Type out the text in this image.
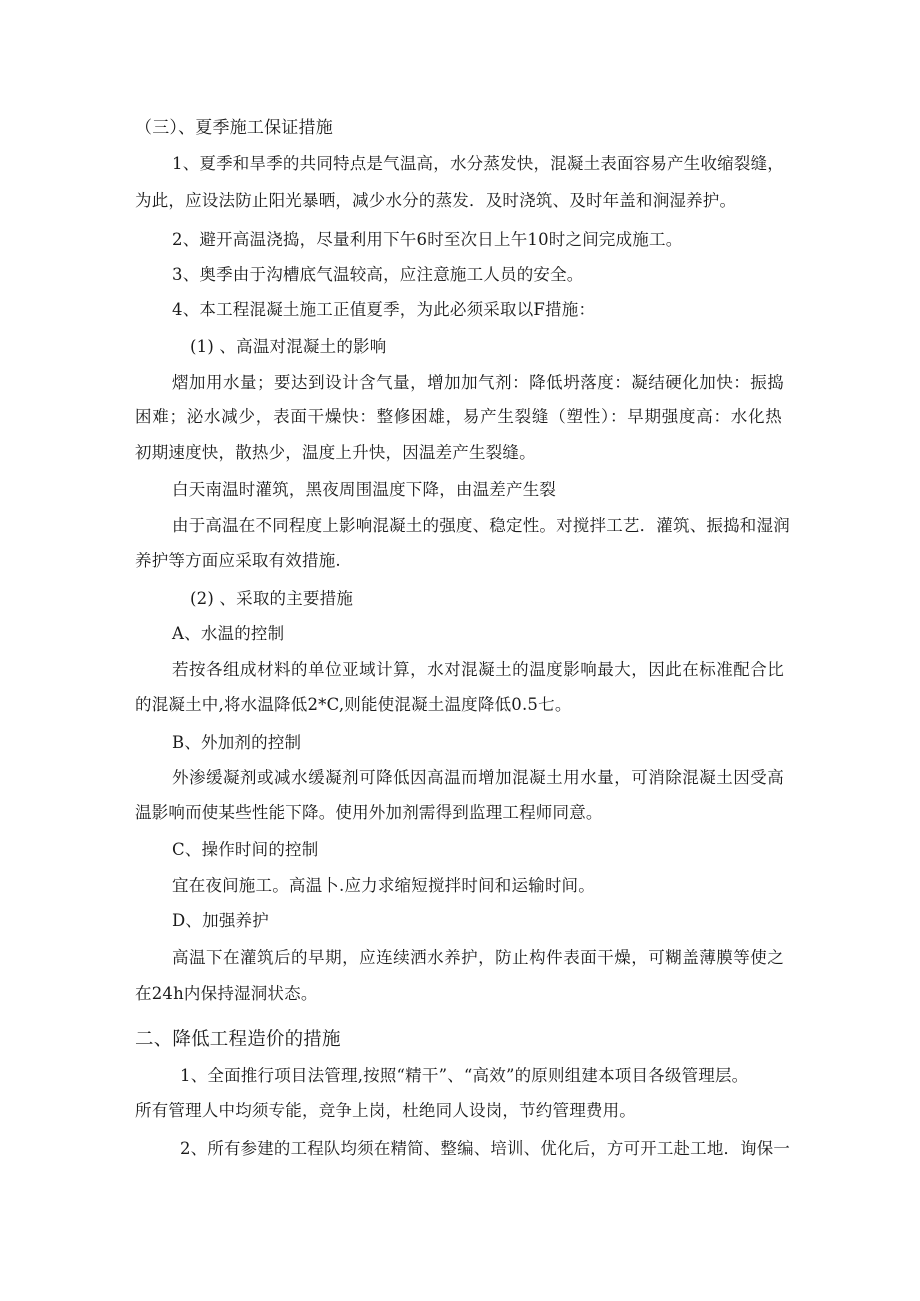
（三）、夏季施工保证措施
1、夏季和旱季的共同特点是气温高，水分蒸发快，混凝土表面容易产生收缩裂缝，
为此，应设法防止阳光暴晒，减少水分的蒸发．及时浇筑、及时年盖和涧湿养护。
2、避开高温浇捣，尽量利用下午6时至次日上午10时之间完成施工。
3、奥季由于沟槽底气温较高，应注意施工人员的安全。
4、本工程混凝土施工正值夏季，为此必须采取以F措施：
(1) 、高温对混凝土的影响
熠加用水量；要达到设计含气量，增加加气剂：降低坍落度：凝结硬化加快：振捣
困难；泌水减少，表面干燥快：整修困雄，易产生裂缝（塑性）：早期强度高：水化热
初期速度快，散热少，温度上升快，因温差产生裂缝。
白天南温时灌筑，黑夜周围温度下降，由温差产生裂
由于高温在不同程度上影响混凝土的强度、稳定性。对搅拌工艺．灌筑、振捣和湿润
养护等方面应采取有效措施.
(2) 、采取的主要措施
A、水温的控制
若按各组成材料的单位亚域计算，水对混凝土的温度影响最大，因此在标准配合比
的混凝土中,将水温降低2*C,则能使混凝土温度降低0.5七。
B、外加剂的控制
外渗缓凝剂或减水缓凝剂可降低因高温而增加混凝土用水量，可消除混凝土因受高
温影响而使某些性能下降。使用外加剂需得到监理工程师同意。
C、操作时间的控制
宜在夜间施工。高温卜.应力求缩短搅拌时间和运输时间。
D、加强养护
高温下在灌筑后的早期，应连续洒水养护，防止构件表面干燥，可糊盖薄膜等使之
在24h内保持湿洞状态。
二、降低工程造价的措施
1、全面推行项目法管理,按照“精干”、“高效”的原则组建本项目各级管理层。
所有管理人中均须专能，竞争上岗，杜绝同人设岗，节约管理费用。
2、所有参建的工程队均须在精简、整编、培训、优化后，方可开工赴工地．询保一
